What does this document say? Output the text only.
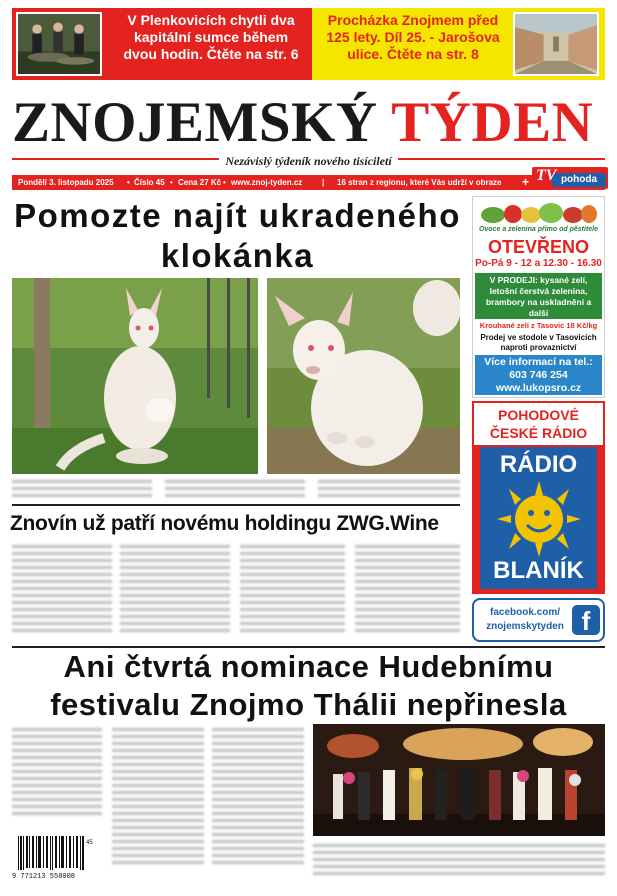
V Plenkovicích chytli dva kapitální sumce během dvou hodin. Čtěte na str. 6
Procházka Znojmem před 125 lety. Díl 25. - Jarošova ulice. Čtěte na str. 8
ZNOJEMSKÝ TÝDEN
Nezávislý týdeník nového tisíciletí
Pondělí 3. listopadu 2025 • Číslo 45 • Cena 27 Kč • www.znoj-tyden.cz | 16 stran z regionu, které Vás udrží v obraze +	pohoda
TV
Pomozte najít ukradeného klokánka
Znovín už patří novému holdingu ZWG.Wine
Ani čtvrtá nominace Hudebnímu festivalu Znojmo Thálii nepřinesla
9 771213 558008
45
Ovoce a zelenina přímo od pěstitele
OTEVŘENO
Po-Pá 9 - 12 a 12.30 - 16.30
V PRODEJI: kysané zelí, letošní čerstvá zelenina, brambory na uskladnění a další
Krouhané zelí z Tasovic 18 Kč/kg
Prodej ve stodole v Tasovicích naproti provaznictví
Více informací na tel.: 603 746 254 www.lukopsro.cz
POHODOVÉ
ČESKÉ RÁDIO
RÁDIO
BLANÍK
facebook.com/
znojemskytyden f
